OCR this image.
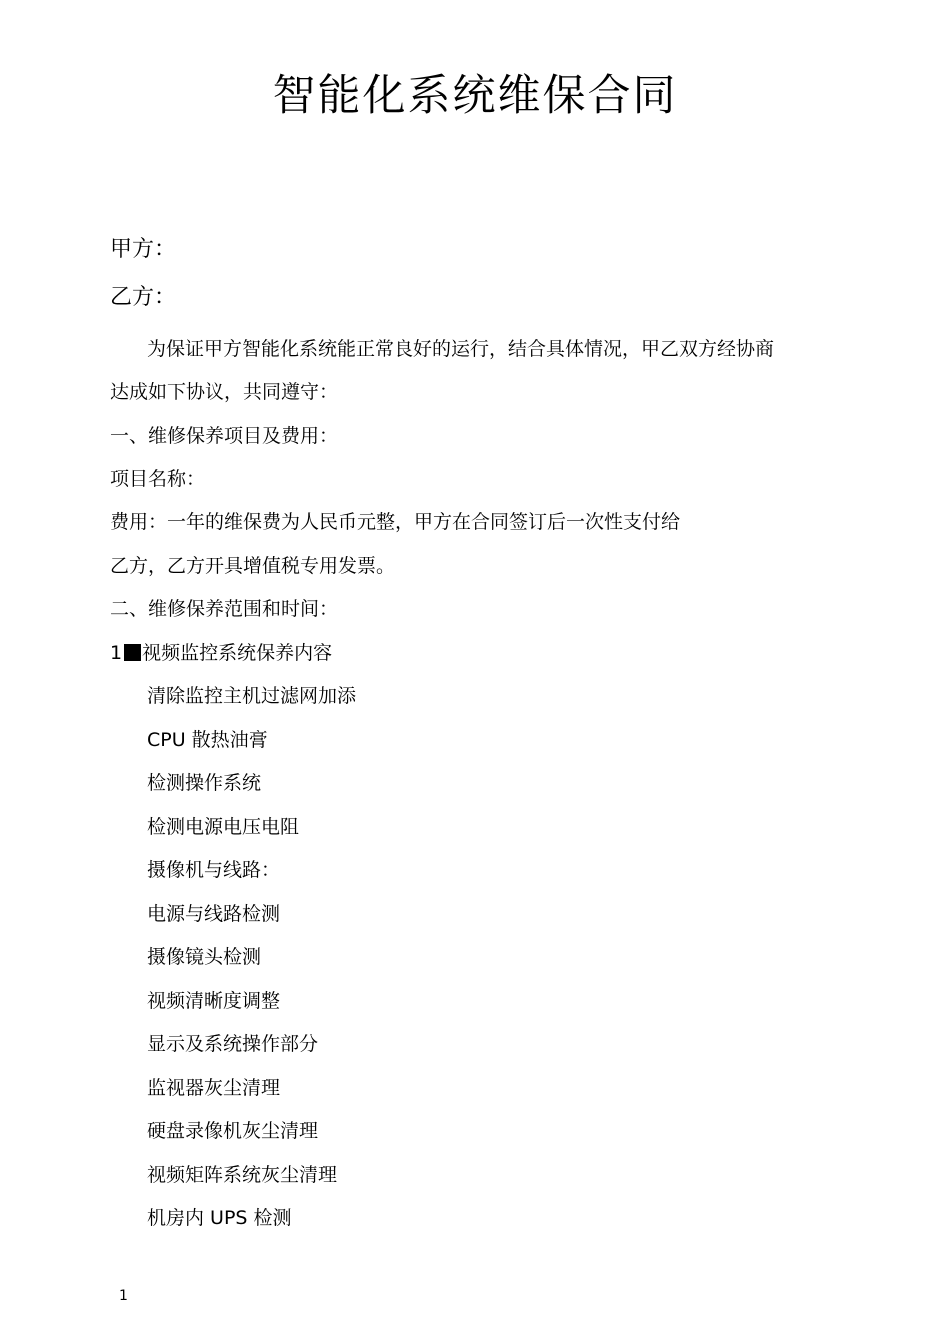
智能化系统维保合同
甲方：
乙方：
为保证甲方智能化系统能正常良好的运行，结合具体情况，甲乙双方经协商
达成如下协议，共同遵守：
一、维修保养项目及费用：
项目名称：
费用：一年的维保费为人民币元整，甲方在合同签订后一次性支付给
乙方，乙方开具增值税专用发票。
二、维修保养范围和时间：
1 视频监控系统保养内容
清除监控主机过滤网加添
CPU 散热油膏
检测操作系统
检测电源电压电阻
摄像机与线路：
电源与线路检测
摄像镜头检测
视频清晰度调整
显示及系统操作部分
监视器灰尘清理
硬盘录像机灰尘清理
视频矩阵系统灰尘清理
机房内 UPS 检测
1
